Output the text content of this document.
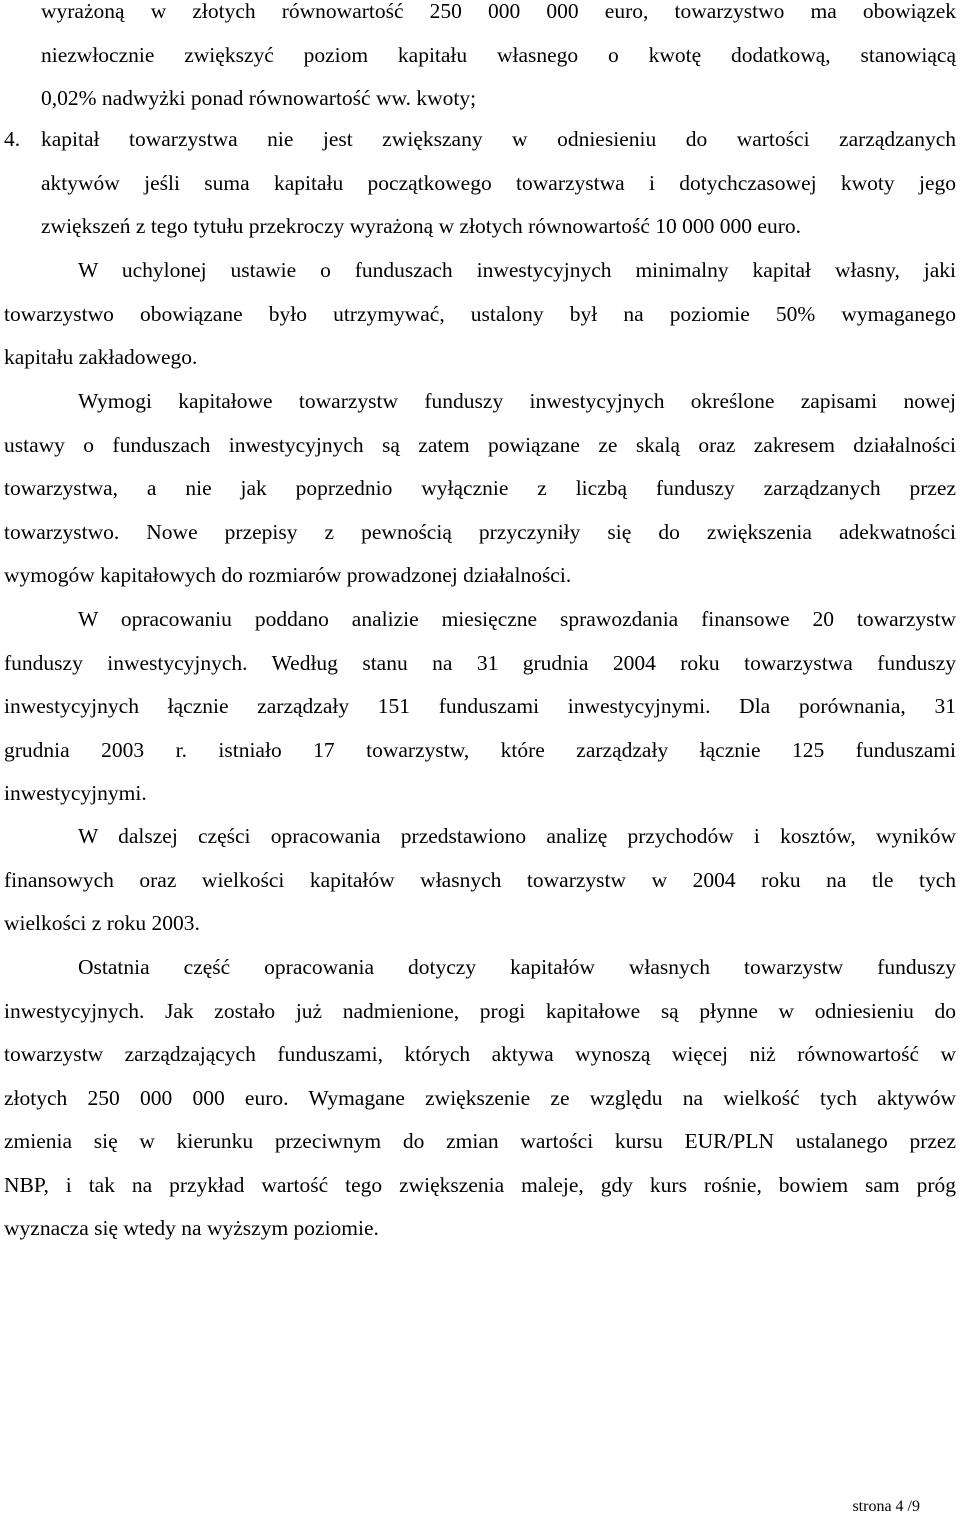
wyrażoną w złotych równowartość 250 000 000 euro, towarzystwo ma obowiązek
niezwłocznie zwiększyć poziom kapitału własnego o kwotę dodatkową, stanowiącą
0,02% nadwyżki ponad równowartość ww. kwoty;
4. kapitał towarzystwa nie jest zwiększany w odniesieniu do wartości zarządzanych
aktywów jeśli suma kapitału początkowego towarzystwa i dotychczasowej kwoty jego
zwiększeń z tego tytułu przekroczy wyrażoną w złotych równowartość 10 000 000 euro.
W uchylonej ustawie o funduszach inwestycyjnych minimalny kapitał własny, jaki
towarzystwo obowiązane było utrzymywać, ustalony był na poziomie 50% wymaganego
kapitału zakładowego.
Wymogi kapitałowe towarzystw funduszy inwestycyjnych określone zapisami nowej
ustawy o funduszach inwestycyjnych są zatem powiązane ze skalą oraz zakresem działalności
towarzystwa, a nie jak poprzednio wyłącznie z liczbą funduszy zarządzanych przez
towarzystwo. Nowe przepisy z pewnością przyczyniły się do zwiększenia adekwatności
wymogów kapitałowych do rozmiarów prowadzonej działalności.
W opracowaniu poddano analizie miesięczne sprawozdania finansowe 20 towarzystw
funduszy inwestycyjnych. Według stanu na 31 grudnia 2004 roku towarzystwa funduszy
inwestycyjnych łącznie zarządzały 151 funduszami inwestycyjnymi. Dla porównania, 31
grudnia 2003 r. istniało 17 towarzystw, które zarządzały łącznie 125 funduszami
inwestycyjnymi.
W dalszej części opracowania przedstawiono analizę przychodów i kosztów, wyników
finansowych oraz wielkości kapitałów własnych towarzystw w 2004 roku na tle tych
wielkości z roku 2003.
Ostatnia część opracowania dotyczy kapitałów własnych towarzystw funduszy
inwestycyjnych. Jak zostało już nadmienione, progi kapitałowe są płynne w odniesieniu do
towarzystw zarządzających funduszami, których aktywa wynoszą więcej niż równowartość w
złotych 250 000 000 euro. Wymagane zwiększenie ze względu na wielkość tych aktywów
zmienia się w kierunku przeciwnym do zmian wartości kursu EUR/PLN ustalanego przez
NBP, i tak na przykład wartość tego zwiększenia maleje, gdy kurs rośnie, bowiem sam próg
wyznacza się wtedy na wyższym poziomie.
strona 4 /9
